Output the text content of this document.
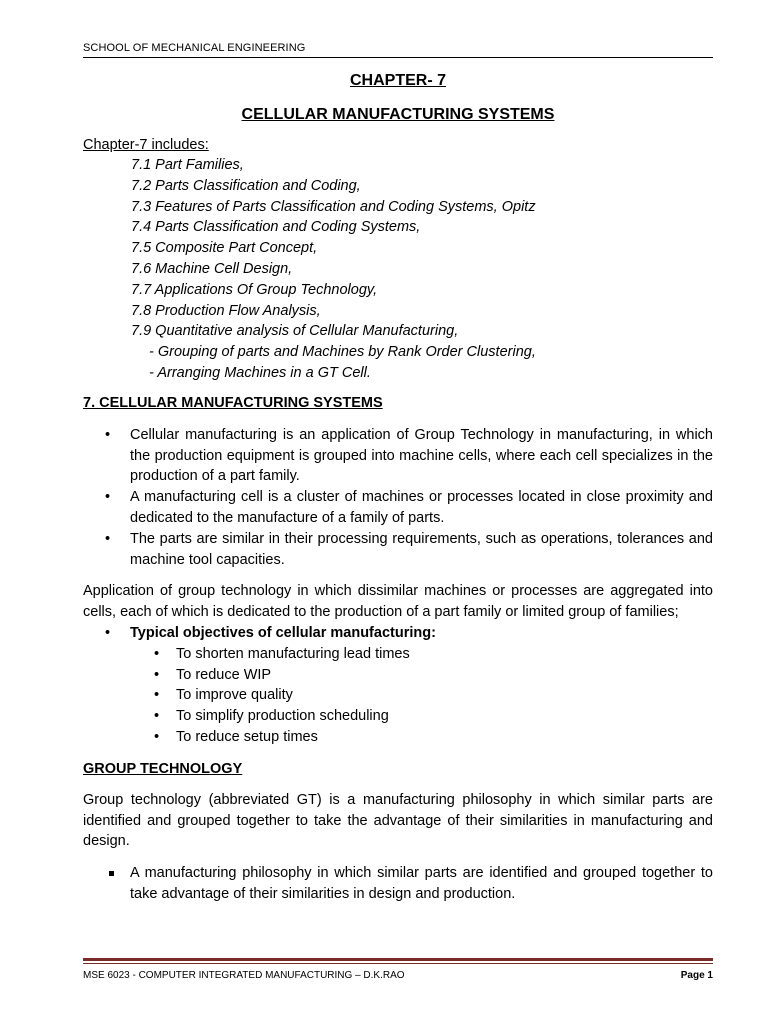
SCHOOL OF MECHANICAL ENGINEERING
CHAPTER- 7
CELLULAR MANUFACTURING SYSTEMS
Chapter-7 includes:
7.1 Part Families,
7.2 Parts Classification and Coding,
7.3 Features of Parts Classification and Coding Systems, Opitz
7.4 Parts Classification and Coding Systems,
7.5 Composite Part Concept,
7.6 Machine Cell Design,
7.7 Applications Of Group Technology,
7.8 Production Flow Analysis,
7.9 Quantitative analysis of Cellular Manufacturing,
- Grouping of parts and Machines by Rank Order Clustering,
- Arranging Machines in a GT Cell.
7. CELLULAR MANUFACTURING SYSTEMS
• Cellular manufacturing is an application of Group Technology in manufacturing, in which the production equipment is grouped into machine cells, where each cell specializes in the production of a part family.
• A manufacturing cell is a cluster of machines or processes located in close proximity and dedicated to the manufacture of a family of parts.
• The parts are similar in their processing requirements, such as operations, tolerances and machine tool capacities.

Application of group technology in which dissimilar machines or processes are aggregated into cells, each of which is dedicated to the production of a part family or limited group of families;

• Typical objectives of cellular manufacturing:
• To shorten manufacturing lead times
• To reduce WIP
• To improve quality
• To simplify production scheduling
• To reduce setup times
GROUP TECHNOLOGY

Group technology (abbreviated GT) is a manufacturing philosophy in which similar parts are identified and grouped together to take the advantage of their similarities in manufacturing and design.

A manufacturing philosophy in which similar parts are identified and grouped together to take advantage of their similarities in design and production.
MSE 6023 - COMPUTER INTEGRATED MANUFACTURING – D.K.RAO	Page 1
